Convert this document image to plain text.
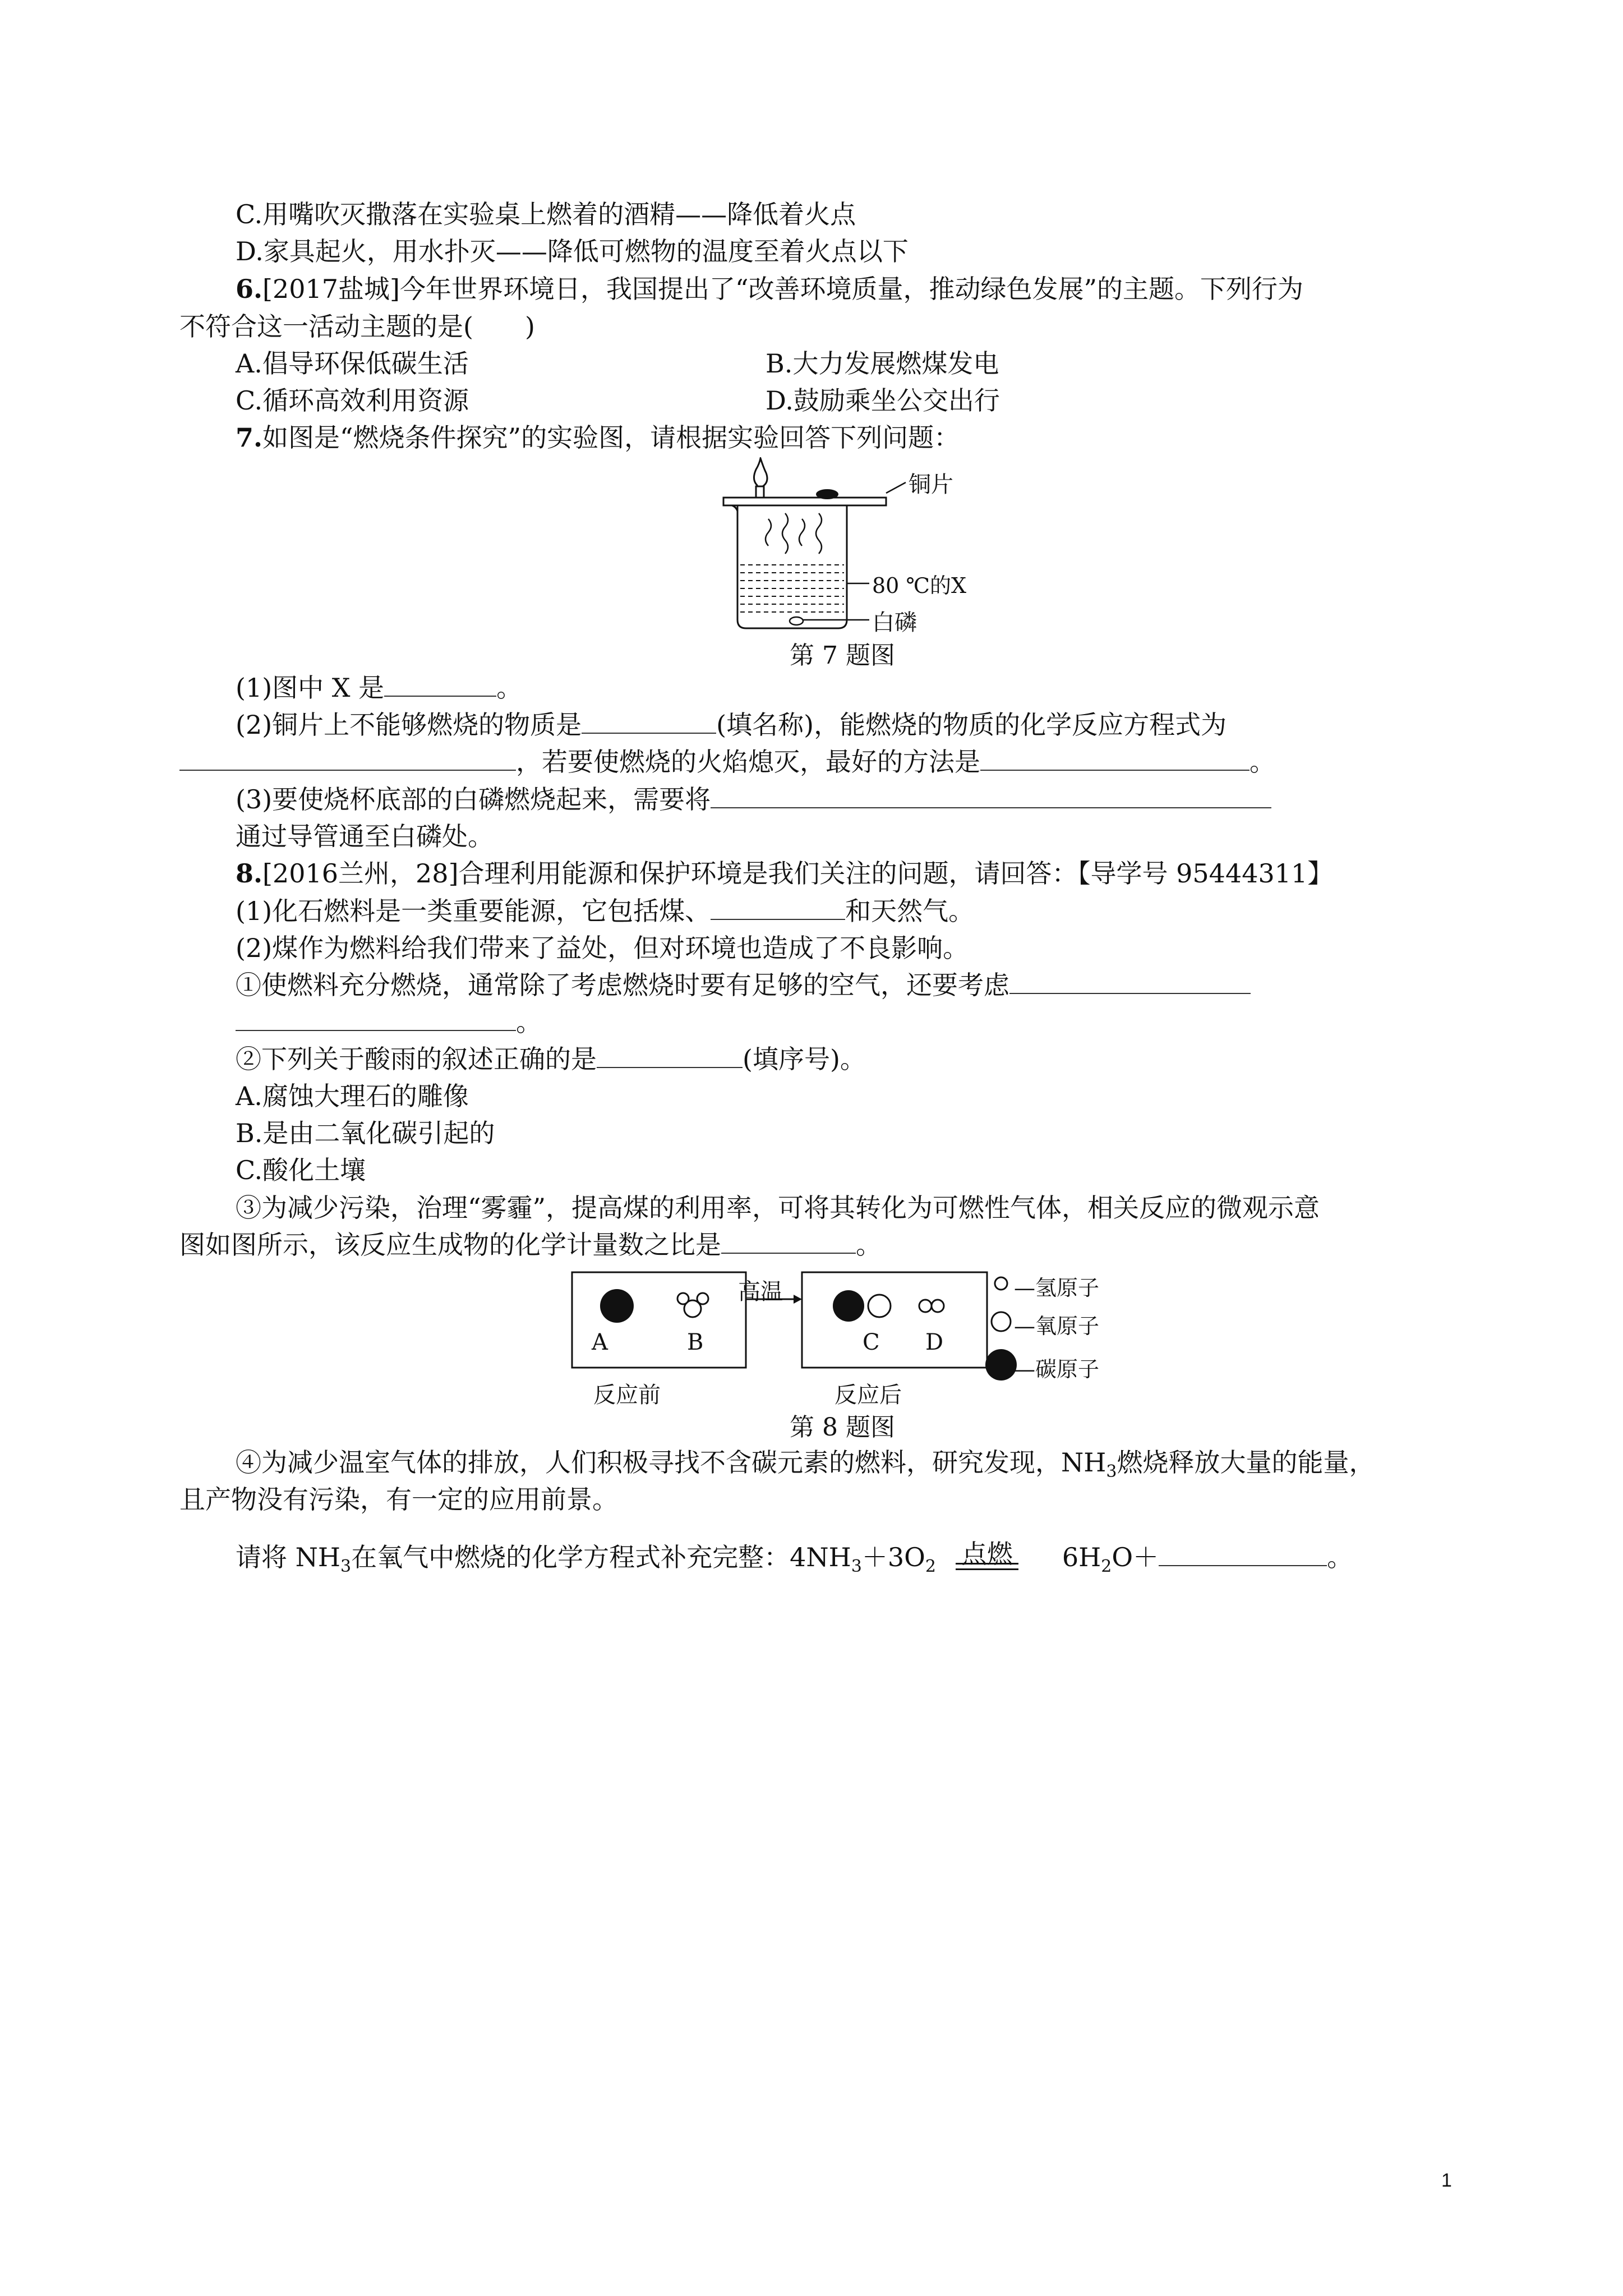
C.用嘴吹灭撒落在实验桌上燃着的酒精——降低着火点
D.家具起火，用水扑灭——降低可燃物的温度至着火点以下
6.[2017盐城]今年世界环境日，我国提出了“改善环境质量，推动绿色发展”的主题。下列行为
不符合这一活动主题的是(　　)
A.倡导环保低碳生活	B.大力发展燃煤发电
C.循环高效利用资源	D.鼓励乘坐公交出行
7.如图是“燃烧条件探究”的实验图，请根据实验回答下列问题：
铜片
80 ℃的X
白磷
第 7 题图
(1)图中 X 是	。
(2)铜片上不能够燃烧的物质是	(填名称)，能燃烧的物质的化学反应方程式为
，若要使燃烧的火焰熄灭，最好的方法是	。
(3)要使烧杯底部的白磷燃烧起来，需要将
通过导管通至白磷处。
8.[2016兰州，28]合理利用能源和保护环境是我们关注的问题，请回答：【导学号 95444311】
(1)化石燃料是一类重要能源，它包括煤、	和天然气。
(2)煤作为燃料给我们带来了益处，但对环境也造成了不良影响。
①使燃料充分燃烧，通常除了考虑燃烧时要有足够的空气，还要考虑
。
②下列关于酸雨的叙述正确的是	(填序号)。
A.腐蚀大理石的雕像
B.是由二氧化碳引起的
C.酸化土壤
③为减少污染，治理“雾霾”，提高煤的利用率，可将其转化为可燃性气体，相关反应的微观示意
图如图所示，该反应生成物的化学计量数之比是	。
高温
A	B	C D
反应前	反应后
—氢原子
—氧原子
—碳原子
第 8 题图
④为减少温室气体的排放，人们积极寻找不含碳元素的燃料，研究发现，$NH_3$燃烧释放大量的能量，
且产物没有污染，有一定的应用前景。
请将 $NH_3$在氧气中燃烧的化学方程式补充完整：$4NH_3+3O_2$ 点燃 $6H_2O+$	。
1
